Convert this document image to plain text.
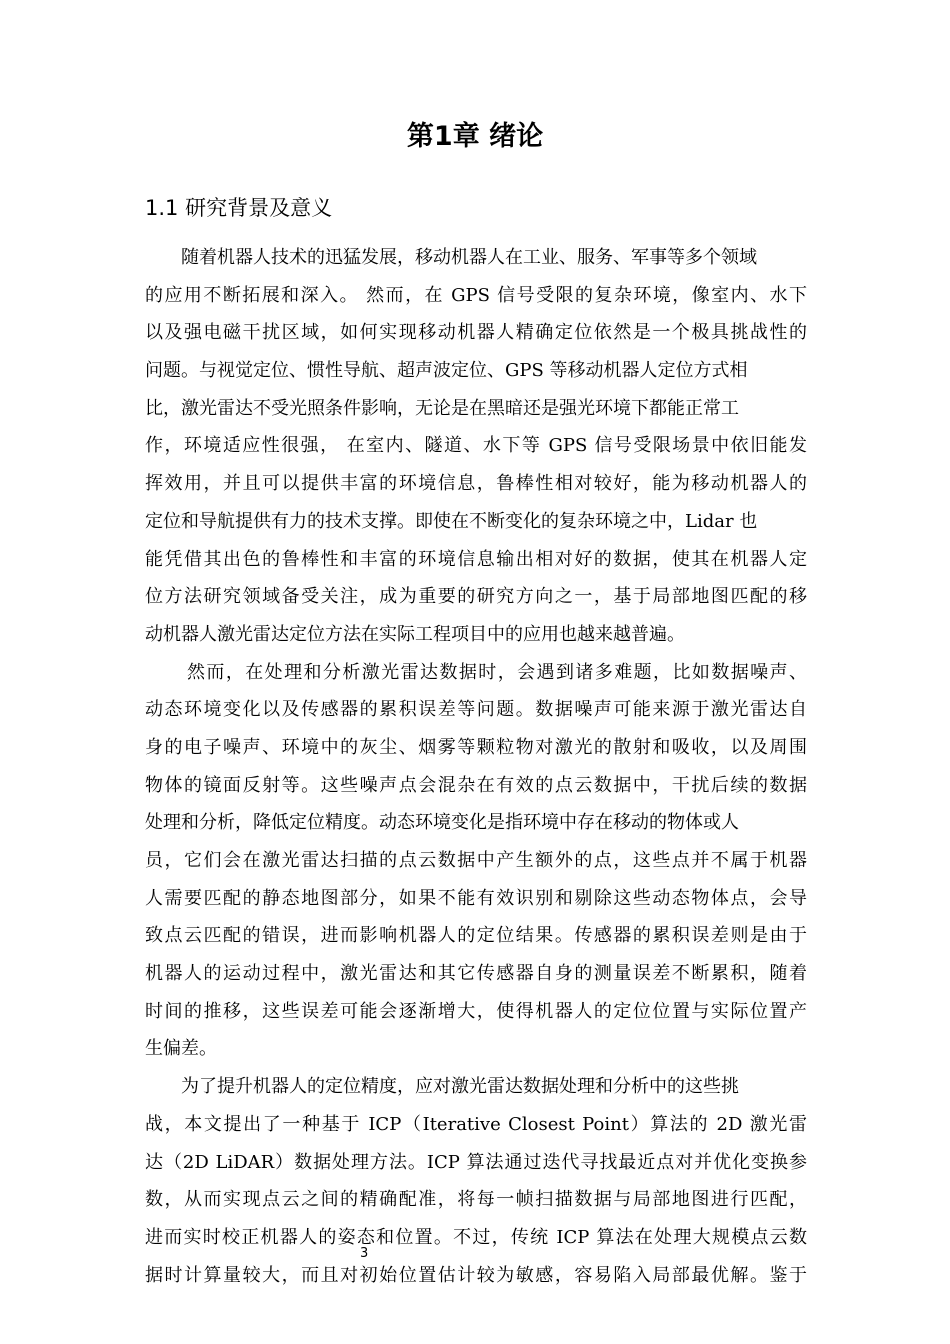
第1章 绪论
1.1 研究背景及意义
随着机器人技术的迅猛发展，移动机器人在工业、服务、军事等多个领域
的应用不断拓展和深入。 然而，在 GPS 信号受限的复杂环境，像室内、水下
以及强电磁干扰区域，如何实现移动机器人精确定位依然是一个极具挑战性的
问题。与视觉定位、惯性导航、超声波定位、GPS 等移动机器人定位方式相
比，激光雷达不受光照条件影响，无论是在黑暗还是强光环境下都能正常工
作，环境适应性很强， 在室内、隧道、水下等 GPS 信号受限场景中依旧能发
挥效用，并且可以提供丰富的环境信息，鲁棒性相对较好，能为移动机器人的
定位和导航提供有力的技术支撑。即使在不断变化的复杂环境之中，Lidar 也
能凭借其出色的鲁棒性和丰富的环境信息输出相对好的数据，使其在机器人定
位方法研究领域备受关注，成为重要的研究方向之一，基于局部地图匹配的移
动机器人激光雷达定位方法在实际工程项目中的应用也越来越普遍。
然而，在处理和分析激光雷达数据时，会遇到诸多难题，比如数据噪声、
动态环境变化以及传感器的累积误差等问题。数据噪声可能来源于激光雷达自
身的电子噪声、环境中的灰尘、烟雾等颗粒物对激光的散射和吸收，以及周围
物体的镜面反射等。这些噪声点会混杂在有效的点云数据中，干扰后续的数据
处理和分析，降低定位精度。动态环境变化是指环境中存在移动的物体或人
员，它们会在激光雷达扫描的点云数据中产生额外的点，这些点并不属于机器
人需要匹配的静态地图部分，如果不能有效识别和剔除这些动态物体点，会导
致点云匹配的错误，进而影响机器人的定位结果。传感器的累积误差则是由于
机器人的运动过程中，激光雷达和其它传感器自身的测量误差不断累积，随着
时间的推移，这些误差可能会逐渐增大，使得机器人的定位位置与实际位置产
生偏差。
为了提升机器人的定位精度，应对激光雷达数据处理和分析中的这些挑
战，本文提出了一种基于 ICP（Iterative Closest Point）算法的 2D 激光雷
达（2D LiDAR）数据处理方法。ICP 算法通过迭代寻找最近点对并优化变换参
数，从而实现点云之间的精确配准，将每一帧扫描数据与局部地图进行匹配，
进而实时校正机器人的姿态和位置。不过，传统 ICP 算法在处理大规模点云数
据时计算量较大，而且对初始位置估计较为敏感，容易陷入局部最优解。鉴于
3
